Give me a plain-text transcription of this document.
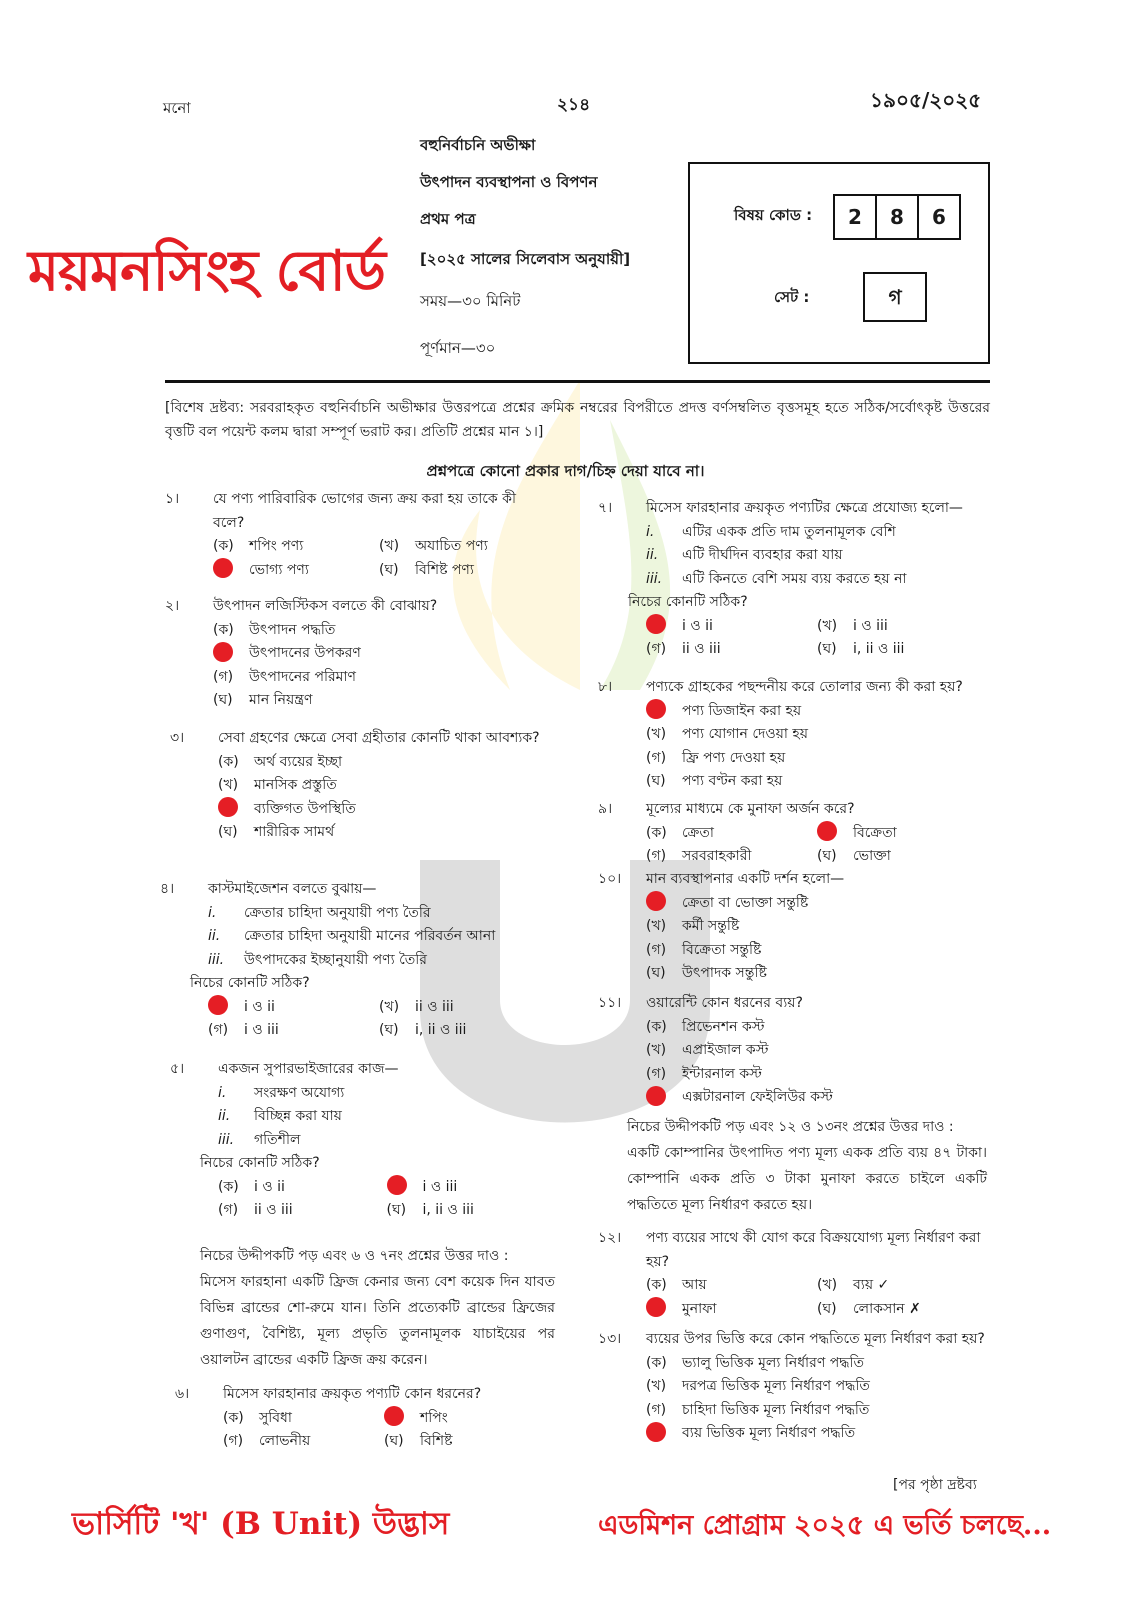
মনো	২১৪	১৯০৫/২০২৫
বহুনির্বাচনি অভীক্ষা
উৎপাদন ব্যবস্থাপনা ও বিপণন
প্রথম পত্র
[২০২৫ সালের সিলেবাস অনুযায়ী]
সময়—৩০ মিনিট
পূর্ণমান—৩০
ময়মনসিংহ বোর্ড
বিষয় কোড :	2	8	6
সেট :	গ
[বিশেষ দ্রষ্টব্য: সরবরাহকৃত বহুনির্বাচনি অভীক্ষার উত্তরপত্রে প্রশ্নের ক্রমিক নম্বরের বিপরীতে প্রদত্ত বর্ণসম্বলিত বৃত্তসমূহ হতে সঠিক/সর্বোৎকৃষ্ট উত্তরের বৃত্তটি বল পয়েন্ট কলম দ্বারা সম্পূর্ণ ভরাট কর। প্রতিটি প্রশ্নের মান ১।]
প্রশ্নপত্রে কোনো প্রকার দাগ/চিহ্ন দেয়া যাবে না।
১। যে পণ্য পারিবারিক ভোগের জন্য ক্রয় করা হয় তাকে কী বলে?
(ক) শপিং পণ্য	(খ) অযাচিত পণ্য
ভোগ্য পণ্য	(ঘ) বিশিষ্ট পণ্য
২। উৎপাদন লজিস্টিকস বলতে কী বোঝায়?
(ক) উৎপাদন পদ্ধতি
উৎপাদনের উপকরণ
(গ) উৎপাদনের পরিমাণ
(ঘ) মান নিয়ন্ত্রণ
৩। সেবা গ্রহণের ক্ষেত্রে সেবা গ্রহীতার কোনটি থাকা আবশ্যক?
(ক) অর্থ ব্যয়ের ইচ্ছা
(খ) মানসিক প্রস্তুতি
ব্যক্তিগত উপস্থিতি
(ঘ) শারীরিক সামর্থ
৪। কাস্টমাইজেশন বলতে বুঝায়—
i. ক্রেতার চাহিদা অনুযায়ী পণ্য তৈরি
ii. ক্রেতার চাহিদা অনুযায়ী মানের পরিবর্তন আনা
iii. উৎপাদকের ইচ্ছানুযায়ী পণ্য তৈরি
নিচের কোনটি সঠিক?
i ও ii	(খ) ii ও iii
(গ) i ও iii	(ঘ) i, ii ও iii
৫। একজন সুপারভাইজারের কাজ—
i. সংরক্ষণ অযোগ্য
ii. বিচ্ছিন্ন করা যায়
iii. গতিশীল
নিচের কোনটি সঠিক?
(ক) i ও ii	i ও iii
(গ) ii ও iii	(ঘ) i, ii ও iii
৬। মিসেস ফারহানার ক্রয়কৃত পণ্যটি কোন ধরনের?
(ক) সুবিধা	শপিং
(গ) লোভনীয়	(ঘ) বিশিষ্ট
৭। মিসেস ফারহানার ক্রয়কৃত পণ্যটির ক্ষেত্রে প্রযোজ্য হলো—
i. এটির একক প্রতি দাম তুলনামূলক বেশি
ii. এটি দীর্ঘদিন ব্যবহার করা যায়
iii. এটি কিনতে বেশি সময় ব্যয় করতে হয় না
নিচের কোনটি সঠিক?
i ও ii	(খ) i ও iii
(গ) ii ও iii	(ঘ) i, ii ও iii
৮। পণ্যকে গ্রাহকের পছন্দনীয় করে তোলার জন্য কী করা হয়?
পণ্য ডিজাইন করা হয়
(খ) পণ্য যোগান দেওয়া হয়
(গ) ফ্রি পণ্য দেওয়া হয়
(ঘ) পণ্য বণ্টন করা হয়
৯। মূল্যের মাধ্যমে কে মুনাফা অর্জন করে?
(ক) ক্রেতা	বিক্রেতা
(গ) সরবরাহকারী	(ঘ) ভোক্তা
১০। মান ব্যবস্থাপনার একটি দর্শন হলো—
ক্রেতা বা ভোক্তা সন্তুষ্টি
(খ) কর্মী সন্তুষ্টি
(গ) বিক্রেতা সন্তুষ্টি
(ঘ) উৎপাদক সন্তুষ্টি
১১। ওয়ারেন্টি কোন ধরনের ব্যয়?
(ক) প্রিভেনশন কস্ট
(খ) এপ্রাইজাল কস্ট
(গ) ইন্টারনাল কস্ট
এক্সটারনাল ফেইলিউর কস্ট
১২। পণ্য ব্যয়ের সাথে কী যোগ করে বিক্রয়যোগ্য মূল্য নির্ধারণ করা হয়?
(ক) আয়	(খ) ব্যয় ✓
মুনাফা	(ঘ) লোকসান ✗
১৩। ব্যয়ের উপর ভিত্তি করে কোন পদ্ধতিতে মূল্য নির্ধারণ করা হয়?
(ক) ভ্যালু ভিত্তিক মূল্য নির্ধারণ পদ্ধতি
(খ) দরপত্র ভিত্তিক মূল্য নির্ধারণ পদ্ধতি
(গ) চাহিদা ভিত্তিক মূল্য নির্ধারণ পদ্ধতি
ব্যয় ভিত্তিক মূল্য নির্ধারণ পদ্ধতি
নিচের উদ্দীপকটি পড় এবং ৬ ও ৭নং প্রশ্নের উত্তর দাও :
মিসেস ফারহানা একটি ফ্রিজ কেনার জন্য বেশ কয়েক দিন যাবত বিভিন্ন ব্রান্ডের শো-রুমে যান। তিনি প্রত্যেকটি ব্রান্ডের ফ্রিজের গুণাগুণ, বৈশিষ্ট্য, মূল্য প্রভৃতি তুলনামূলক যাচাইয়ের পর ওয়ালটন ব্রান্ডের একটি ফ্রিজ ক্রয় করেন।
নিচের উদ্দীপকটি পড় এবং ১২ ও ১৩নং প্রশ্নের উত্তর দাও :
একটি কোম্পানির উৎপাদিত পণ্য মূল্য একক প্রতি ব্যয় ৪৭ টাকা। কোম্পানি একক প্রতি ৩ টাকা মুনাফা করতে চাইলে একটি পদ্ধতিতে মূল্য নির্ধারণ করতে হয়।
[পর পৃষ্ঠা দ্রষ্টব্য
ভার্সিটি 'খ' (B Unit) উদ্ভাস	এডমিশন প্রোগ্রাম ২০২৫ এ ভর্তি চলছে...
